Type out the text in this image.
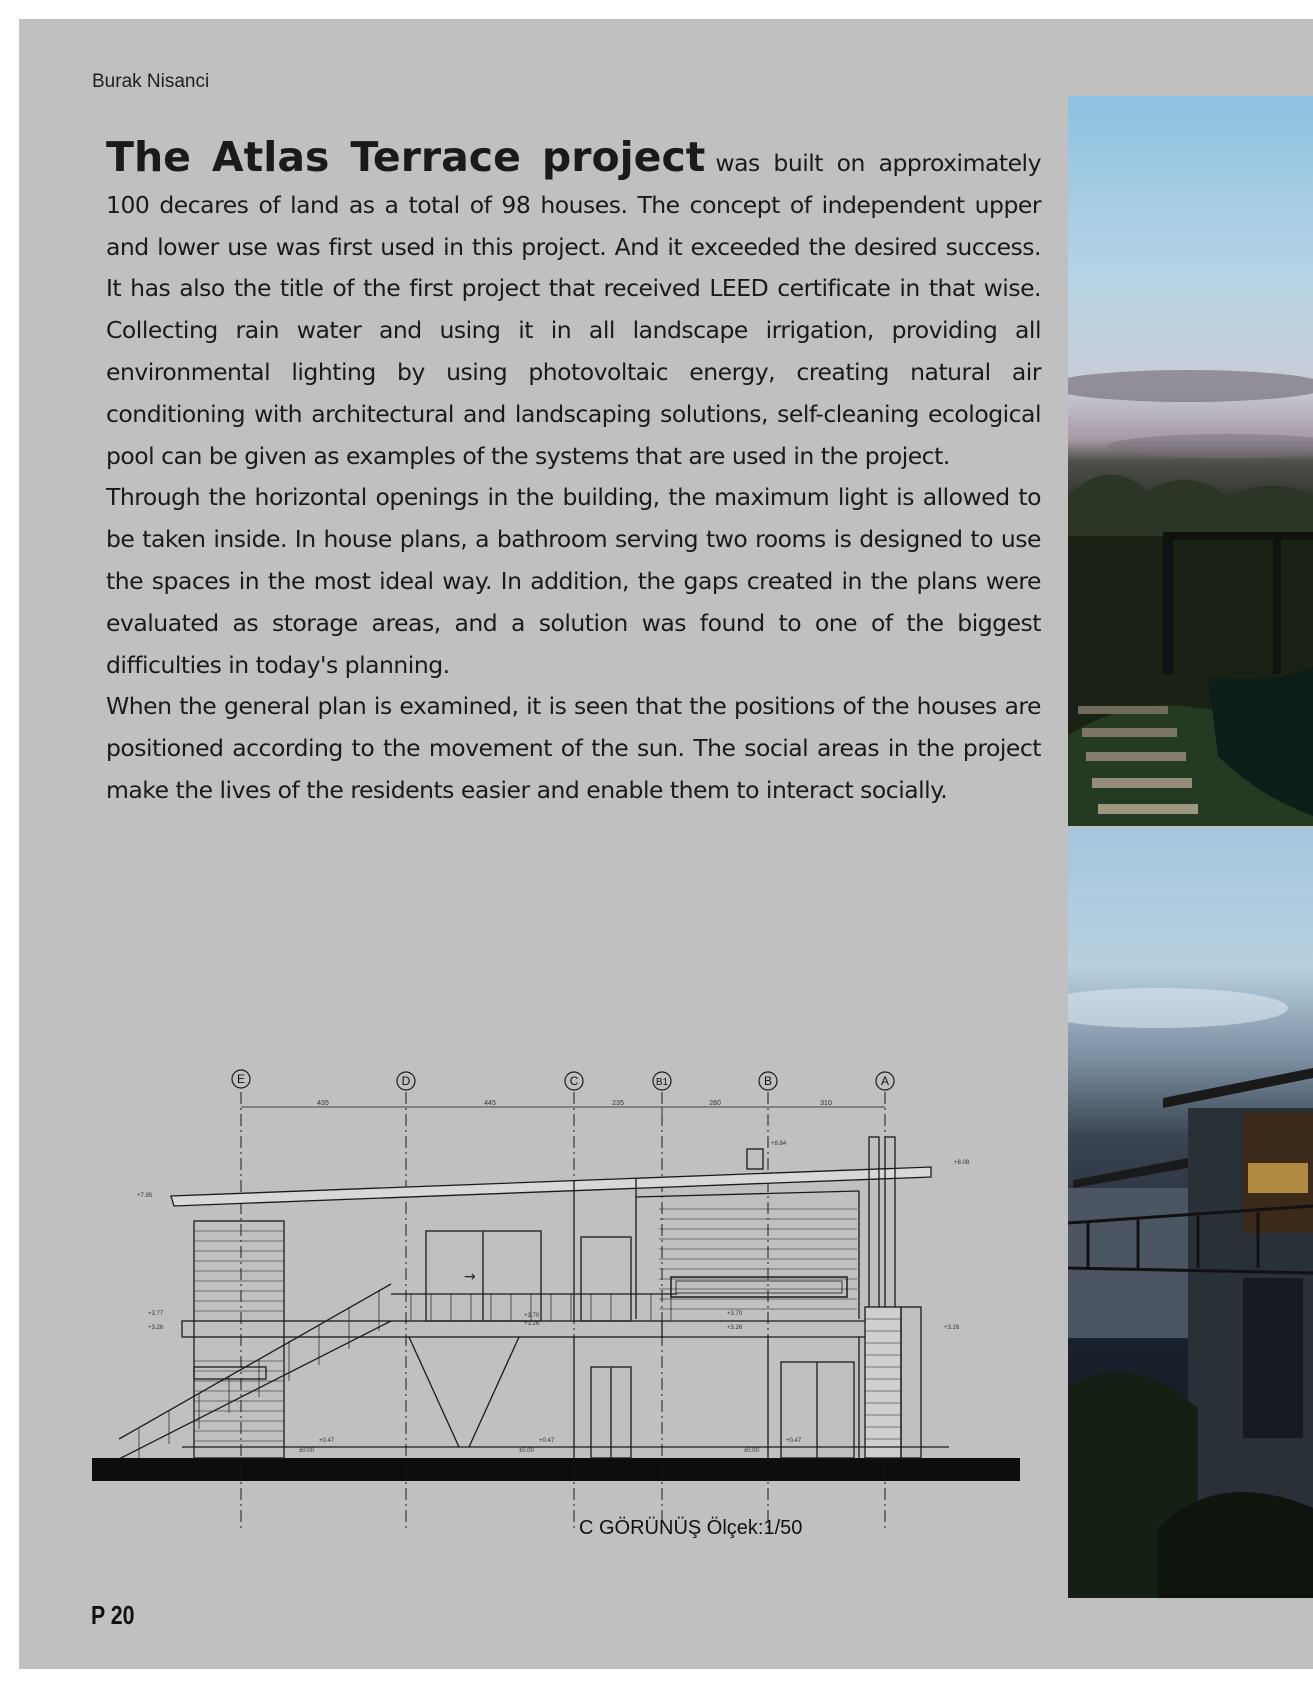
Burak Nisanci

The Atlas Terrace project was built on approximately 100 decares of land as a total of 98 houses. The concept of independent upper and lower use was first used in this project. And it exceeded the desired success. It has also the title of the first project that received LEED certificate in that wise. Collecting rain water and using it in all landscape irrigation, providing all environmental lighting by using photovoltaic energy, creating natural air conditioning with architectural and landscaping solutions, self-cleaning ecological pool can be given as examples of the systems that are used in the project.

Through the horizontal openings in the building, the maximum light is allowed to be taken inside. In house plans, a bathroom serving two rooms is designed to use the spaces in the most ideal way. In addition, the gaps created in the plans were evaluated as storage areas, and a solution was found to one of the biggest difficulties in today's planning.

When the general plan is examined, it is seen that the positions of the houses are positioned according to the movement of the sun. The social areas in the project make the lives of the residents easier and enable them to interact socially.

E	D	C	B1	B	A
435	445	235	280	310
+8.84
+8.08
+7.95
+3.77
+3.26
+3.70
+3.26
+3.26
+3.70
+3.26
+0.47
±0.00
+0.47
±0.00	±0.00
+0.47
→
C GÖRÜNÜŞ Ölçek:1/50
P 20
